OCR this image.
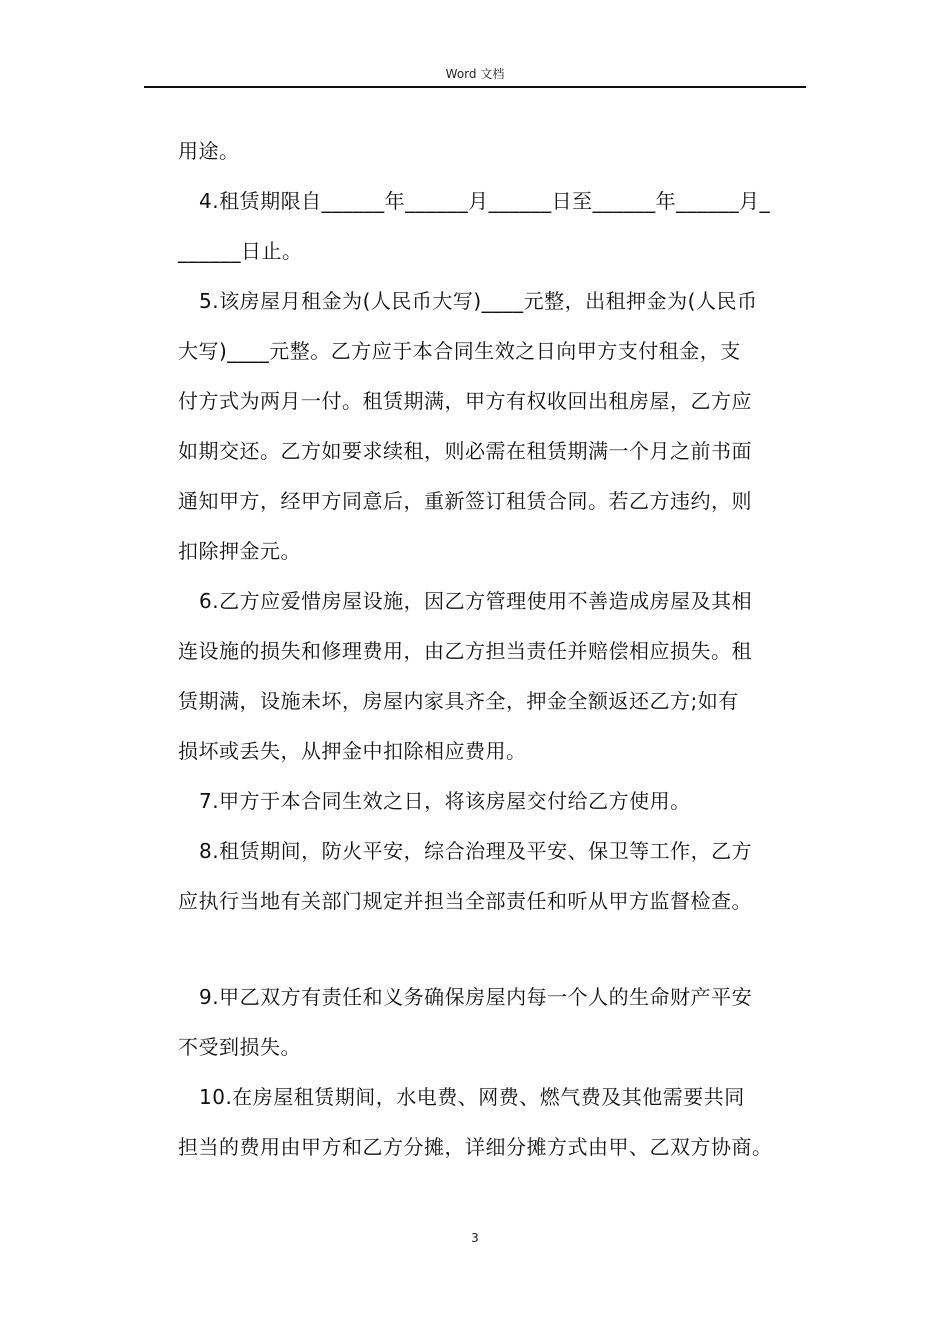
Word 文档
用途。
4.租赁期限自______年______月______日至______年______月_
______日止。
5.该房屋月租金为(人民币大写)____元整，出租押金为(人民币
大写)____元整。乙方应于本合同生效之日向甲方支付租金，支
付方式为两月一付。租赁期满，甲方有权收回出租房屋，乙方应
如期交还。乙方如要求续租，则必需在租赁期满一个月之前书面
通知甲方，经甲方同意后，重新签订租赁合同。若乙方违约，则
扣除押金元。
6.乙方应爱惜房屋设施，因乙方管理使用不善造成房屋及其相
连设施的损失和修理费用，由乙方担当责任并赔偿相应损失。租
赁期满，设施未坏，房屋内家具齐全，押金全额返还乙方;如有
损坏或丢失，从押金中扣除相应费用。
7.甲方于本合同生效之日，将该房屋交付给乙方使用。
8.租赁期间，防火平安，综合治理及平安、保卫等工作，乙方
应执行当地有关部门规定并担当全部责任和听从甲方监督检查。
9.甲乙双方有责任和义务确保房屋内每一个人的生命财产平安
不受到损失。
10.在房屋租赁期间，水电费、网费、燃气费及其他需要共同
担当的费用由甲方和乙方分摊，详细分摊方式由甲、乙双方协商。
3
